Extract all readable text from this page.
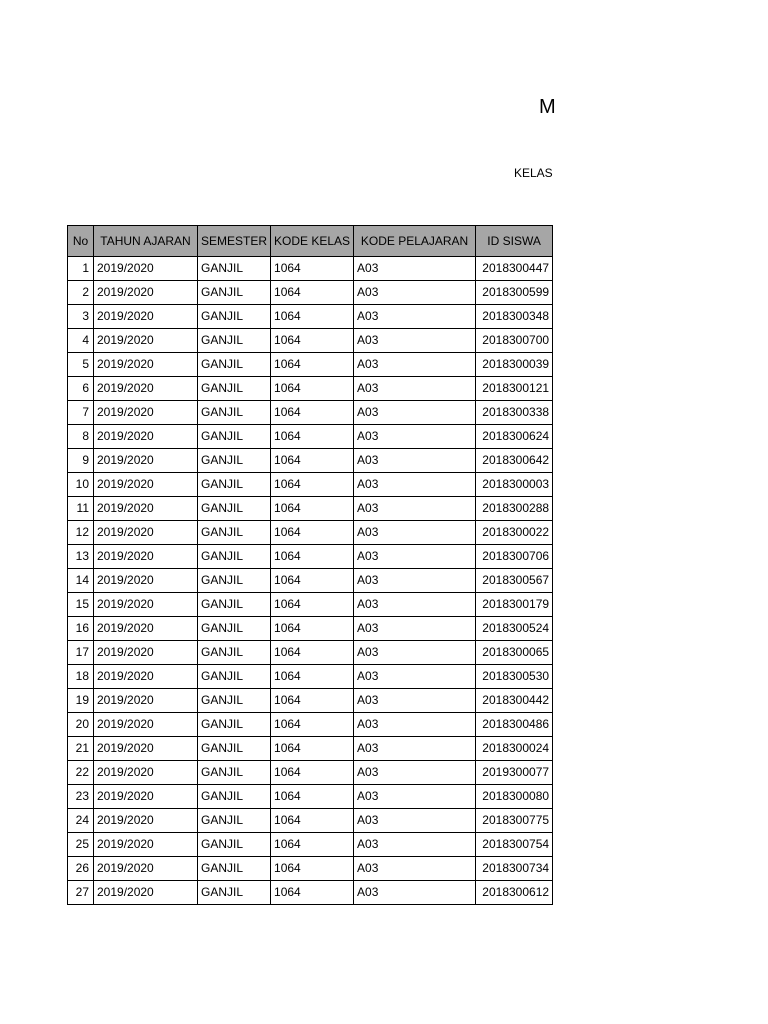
M
KELAS
No	TAHUN AJARAN	SEMESTER	KODE KELAS	KODE PELAJARAN	ID SISWA
1	2019/2020	GANJIL	1064	A03	2018300447
2	2019/2020	GANJIL	1064	A03	2018300599
3	2019/2020	GANJIL	1064	A03	2018300348
4	2019/2020	GANJIL	1064	A03	2018300700
5	2019/2020	GANJIL	1064	A03	2018300039
6	2019/2020	GANJIL	1064	A03	2018300121
7	2019/2020	GANJIL	1064	A03	2018300338
8	2019/2020	GANJIL	1064	A03	2018300624
9	2019/2020	GANJIL	1064	A03	2018300642
10	2019/2020	GANJIL	1064	A03	2018300003
11	2019/2020	GANJIL	1064	A03	2018300288
12	2019/2020	GANJIL	1064	A03	2018300022
13	2019/2020	GANJIL	1064	A03	2018300706
14	2019/2020	GANJIL	1064	A03	2018300567
15	2019/2020	GANJIL	1064	A03	2018300179
16	2019/2020	GANJIL	1064	A03	2018300524
17	2019/2020	GANJIL	1064	A03	2018300065
18	2019/2020	GANJIL	1064	A03	2018300530
19	2019/2020	GANJIL	1064	A03	2018300442
20	2019/2020	GANJIL	1064	A03	2018300486
21	2019/2020	GANJIL	1064	A03	2018300024
22	2019/2020	GANJIL	1064	A03	2019300077
23	2019/2020	GANJIL	1064	A03	2018300080
24	2019/2020	GANJIL	1064	A03	2018300775
25	2019/2020	GANJIL	1064	A03	2018300754
26	2019/2020	GANJIL	1064	A03	2018300734
27	2019/2020	GANJIL	1064	A03	2018300612
